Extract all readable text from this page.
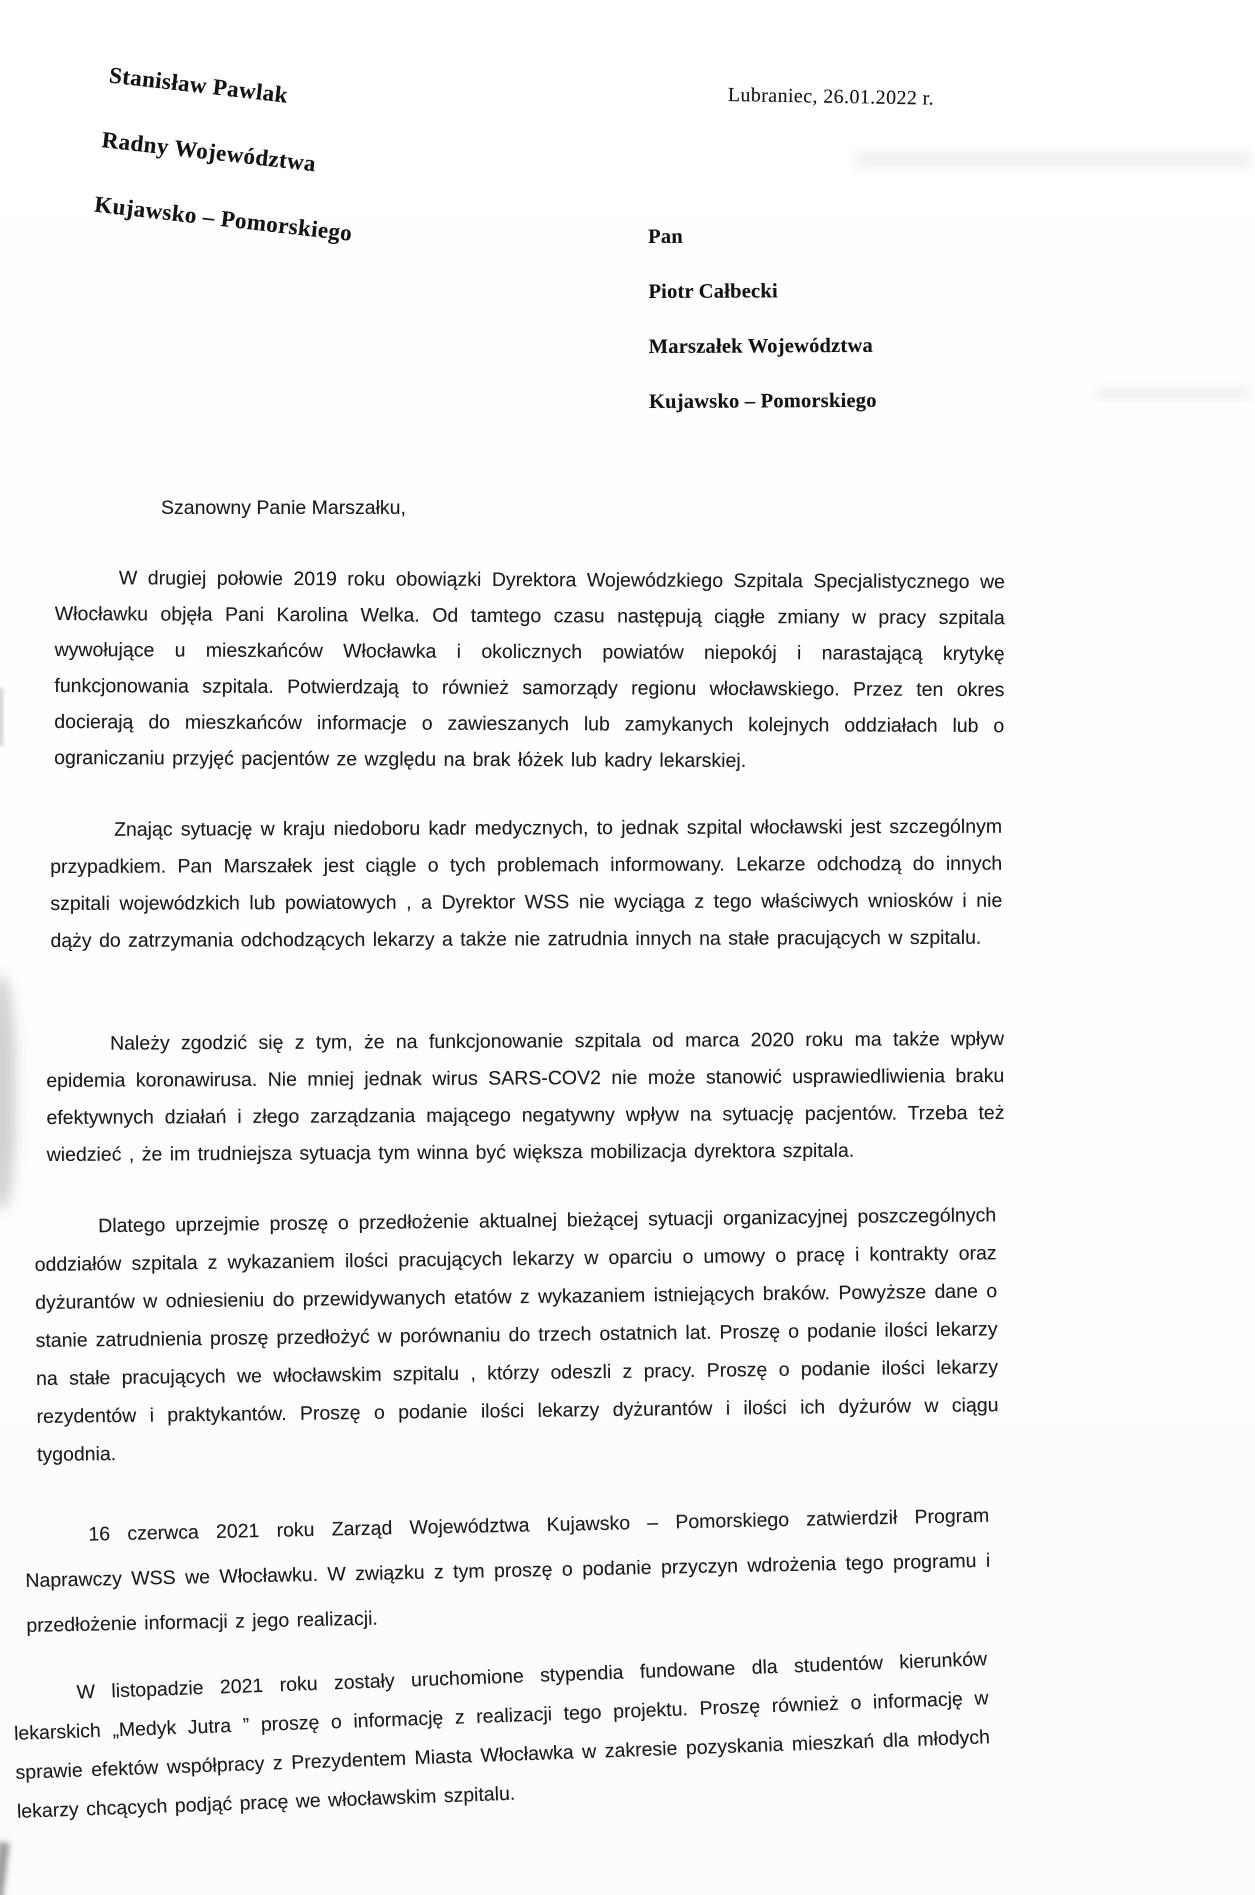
Stanisław Pawlak
Radny Województwa
Kujawsko – Pomorskiego
Lubraniec, 26.01.2022 r.
Pan
Piotr Całbecki
Marszałek Województwa
Kujawsko – Pomorskiego
Szanowny Panie Marszałku,
W drugiej połowie 2019 roku obowiązki Dyrektora Wojewódzkiego Szpitala Specjalistycznego we Włocławku objęła Pani Karolina Welka. Od tamtego czasu następują ciągłe zmiany w pracy szpitala wywołujące u mieszkańców Włocławka i okolicznych powiatów niepokój i narastającą krytykę funkcjonowania szpitala. Potwierdzają to również samorządy regionu włocławskiego. Przez ten okres docierają do mieszkańców informacje o zawieszanych lub zamykanych kolejnych oddziałach lub o ograniczaniu przyjęć pacjentów ze względu na brak łóżek lub kadry lekarskiej.
Znając sytuację w kraju niedoboru kadr medycznych, to jednak szpital włocławski jest szczególnym przypadkiem. Pan Marszałek jest ciągle o tych problemach informowany. Lekarze odchodzą do innych szpitali wojewódzkich lub powiatowych , a Dyrektor WSS nie wyciąga z tego właściwych wniosków i nie dąży do zatrzymania odchodzących lekarzy a także nie zatrudnia innych na stałe pracujących w szpitalu.
Należy zgodzić się z tym, że na funkcjonowanie szpitala od marca 2020 roku ma także wpływ epidemia koronawirusa. Nie mniej jednak wirus SARS-COV2 nie może stanowić usprawiedliwienia braku efektywnych działań i złego zarządzania mającego negatywny wpływ na sytuację pacjentów. Trzeba też wiedzieć , że im trudniejsza sytuacja tym winna być większa mobilizacja dyrektora szpitala.
Dlatego uprzejmie proszę o przedłożenie aktualnej bieżącej sytuacji organizacyjnej poszczególnych oddziałów szpitala z wykazaniem ilości pracujących lekarzy w oparciu o umowy o pracę i kontrakty oraz dyżurantów w odniesieniu do przewidywanych etatów z wykazaniem istniejących braków. Powyższe dane o stanie zatrudnienia proszę przedłożyć w porównaniu do trzech ostatnich lat. Proszę o podanie ilości lekarzy na stałe pracujących we włocławskim szpitalu , którzy odeszli z pracy. Proszę o podanie ilości lekarzy rezydentów i praktykantów. Proszę o podanie ilości lekarzy dyżurantów i ilości ich dyżurów w ciągu tygodnia.
16 czerwca 2021 roku Zarząd Województwa Kujawsko – Pomorskiego zatwierdził Program Naprawczy WSS we Włocławku. W związku z tym proszę o podanie przyczyn wdrożenia tego programu i przedłożenie informacji z jego realizacji.
W listopadzie 2021 roku zostały uruchomione stypendia fundowane dla studentów kierunków lekarskich „Medyk Jutra ” proszę o informację z realizacji tego projektu. Proszę również o informację w sprawie efektów współpracy z Prezydentem Miasta Włocławka w zakresie pozyskania mieszkań dla młodych lekarzy chcących podjąć pracę we włocławskim szpitalu.
